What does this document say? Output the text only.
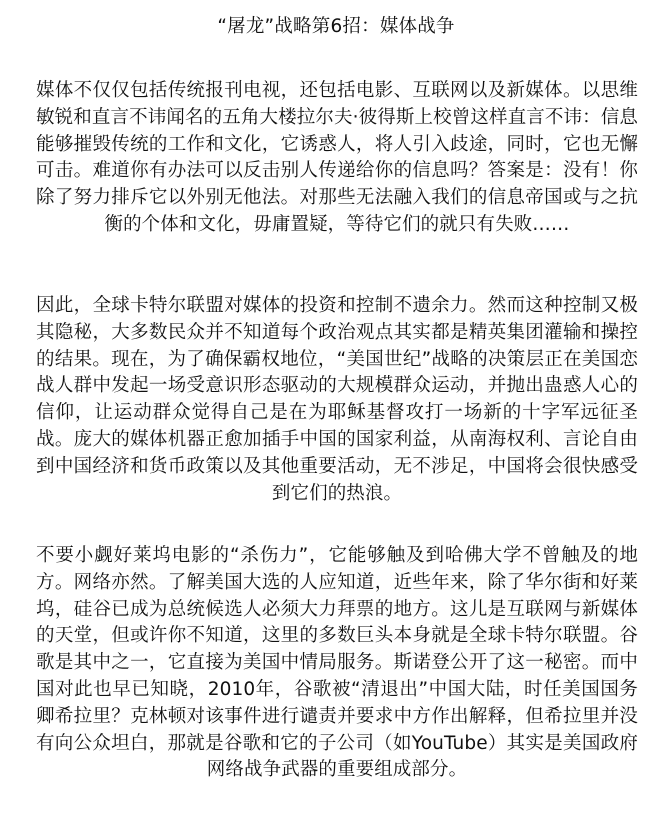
“屠龙”战略第6招：媒体战争

媒体不仅仅包括传统报刊电视，还包括电影、互联网以及新媒体。以思维敏锐和直言不讳闻名的五角大楼拉尔夫·彼得斯上校曾这样直言不讳：信息能够摧毁传统的工作和文化，它诱惑人，将人引入歧途，同时，它也无懈可击。难道你有办法可以反击别人传递给你的信息吗？答案是：没有！你除了努力排斥它以外别无他法。对那些无法融入我们的信息帝国或与之抗衡的个体和文化，毋庸置疑，等待它们的就只有失败……

因此，全球卡特尔联盟对媒体的投资和控制不遗余力。然而这种控制又极其隐秘，大多数民众并不知道每个政治观点其实都是精英集团灌输和操控的结果。现在，为了确保霸权地位，“美国世纪”战略的决策层正在美国恋战人群中发起一场受意识形态驱动的大规模群众运动，并抛出蛊惑人心的信仰，让运动群众觉得自己是在为耶稣基督攻打一场新的十字军远征圣战。庞大的媒体机器正愈加插手中国的国家利益，从南海权利、言论自由到中国经济和货币政策以及其他重要活动，无不涉足，中国将会很快感受到它们的热浪。

不要小觑好莱坞电影的“杀伤力”，它能够触及到哈佛大学不曾触及的地方。网络亦然。了解美国大选的人应知道，近些年来，除了华尔街和好莱坞，硅谷已成为总统候选人必须大力拜票的地方。这儿是互联网与新媒体的天堂，但或许你不知道，这里的多数巨头本身就是全球卡特尔联盟。谷歌是其中之一，它直接为美国中情局服务。斯诺登公开了这一秘密。而中国对此也早已知晓，2010年，谷歌被“清退出”中国大陆，时任美国国务卿希拉里？克林顿对该事件进行谴责并要求中方作出解释，但希拉里并没有向公众坦白，那就是谷歌和它的子公司（如YouTube）其实是美国政府网络战争武器的重要组成部分。
